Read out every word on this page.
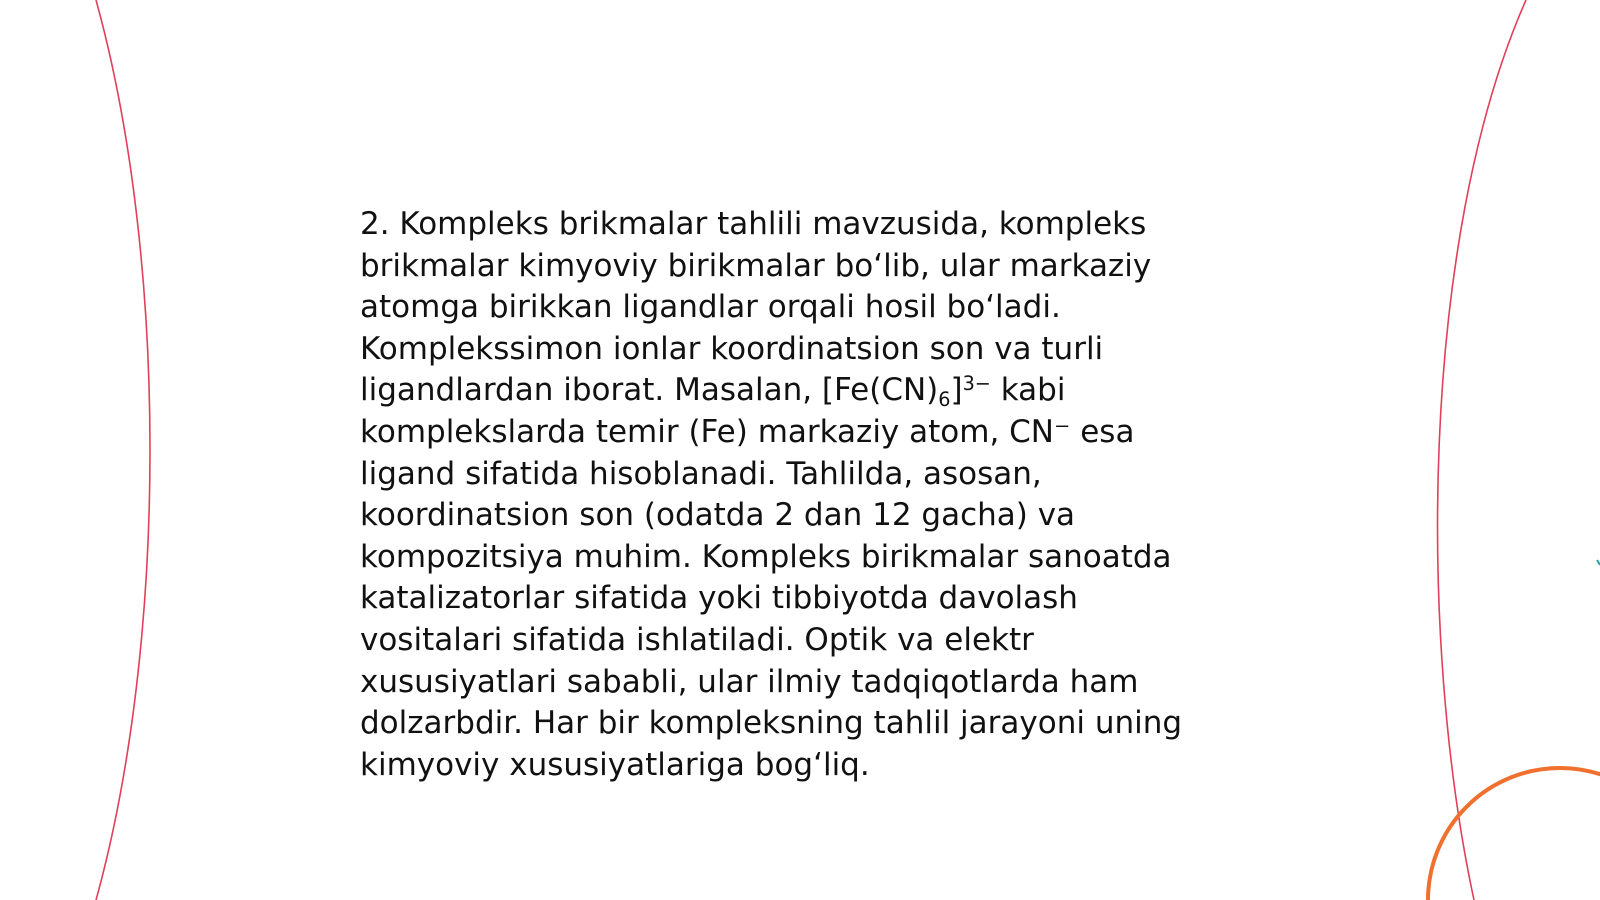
2. Kompleks brikmalar tahlili mavzusida, kompleks
brikmalar kimyoviy birikmalar boʻlib, ular markaziy
atomga birikkan ligandlar orqali hosil boʻladi.
Komplekssimon ionlar koordinatsion son va turli
ligandlardan iborat. Masalan, $[Fe(CN)_6]^{3-}$ kabi
komplekslarda temir (Fe) markaziy atom, CN⁻ esa
ligand sifatida hisoblanadi. Tahlilda, asosan,
koordinatsion son (odatda 2 dan 12 gacha) va
kompozitsiya muhim. Kompleks birikmalar sanoatda
katalizatorlar sifatida yoki tibbiyotda davolash
vositalari sifatida ishlatiladi. Optik va elektr
xususiyatlari sababli, ular ilmiy tadqiqotlarda ham
dolzarbdir. Har bir kompleksning tahlil jarayoni uning
kimyoviy xususiyatlariga bogʻliq.
